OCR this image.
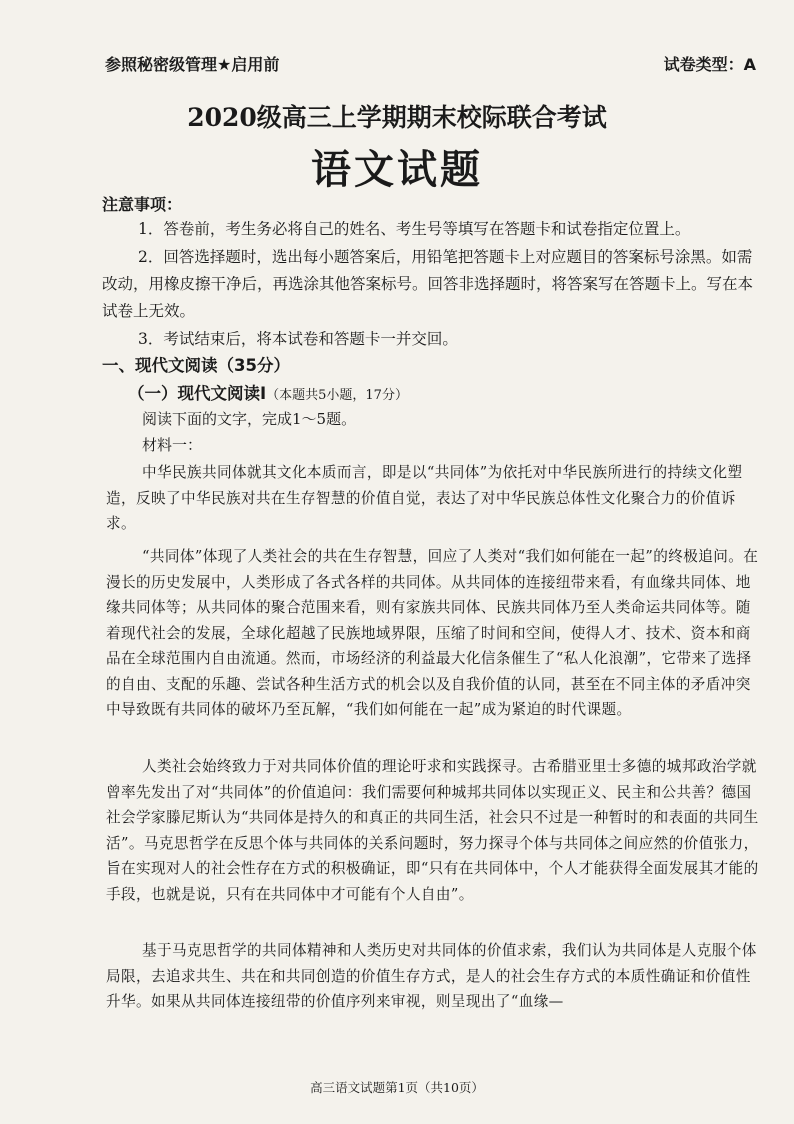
参照秘密级管理★启用前	试卷类型：A
2020级高三上学期期末校际联合考试
语文试题
注意事项：
1．答卷前，考生务必将自己的姓名、考生号等填写在答题卡和试卷指定位置上。
2．回答选择题时，选出每小题答案后，用铅笔把答题卡上对应题目的答案标号涂黑。如需改动，用橡皮擦干净后，再选涂其他答案标号。回答非选择题时，将答案写在答题卡上。写在本试卷上无效。
3．考试结束后，将本试卷和答题卡一并交回。
一、现代文阅读（35分）
（一）现代文阅读Ⅰ（本题共5小题，17分）
阅读下面的文字，完成1～5题。
材料一：
中华民族共同体就其文化本质而言，即是以“共同体”为依托对中华民族所进行的持续文化塑造，反映了中华民族对共在生存智慧的价值自觉，表达了对中华民族总体性文化聚合力的价值诉求。
“共同体”体现了人类社会的共在生存智慧，回应了人类对“我们如何能在一起”的终极追问。在漫长的历史发展中，人类形成了各式各样的共同体。从共同体的连接纽带来看，有血缘共同体、地缘共同体等；从共同体的聚合范围来看，则有家族共同体、民族共同体乃至人类命运共同体等。随着现代社会的发展，全球化超越了民族地域界限，压缩了时间和空间，使得人才、技术、资本和商品在全球范围内自由流通。然而，市场经济的利益最大化信条催生了“私人化浪潮”，它带来了选择的自由、支配的乐趣、尝试各种生活方式的机会以及自我价值的认同，甚至在不同主体的矛盾冲突中导致既有共同体的破坏乃至瓦解，“我们如何能在一起”成为紧迫的时代课题。
人类社会始终致力于对共同体价值的理论吁求和实践探寻。古希腊亚里士多德的城邦政治学就曾率先发出了对“共同体”的价值追问：我们需要何种城邦共同体以实现正义、民主和公共善？德国社会学家滕尼斯认为“共同体是持久的和真正的共同生活，社会只不过是一种暂时的和表面的共同生活”。马克思哲学在反思个体与共同体的关系问题时，努力探寻个体与共同体之间应然的价值张力，旨在实现对人的社会性存在方式的积极确证，即“只有在共同体中，个人才能获得全面发展其才能的手段，也就是说，只有在共同体中才可能有个人自由”。
基于马克思哲学的共同体精神和人类历史对共同体的价值求索，我们认为共同体是人克服个体局限，去追求共生、共在和共同创造的价值生存方式，是人的社会生存方式的本质性确证和价值性升华。如果从共同体连接纽带的价值序列来审视，则呈现出了“血缘—
高三语文试题第1页（共10页）
